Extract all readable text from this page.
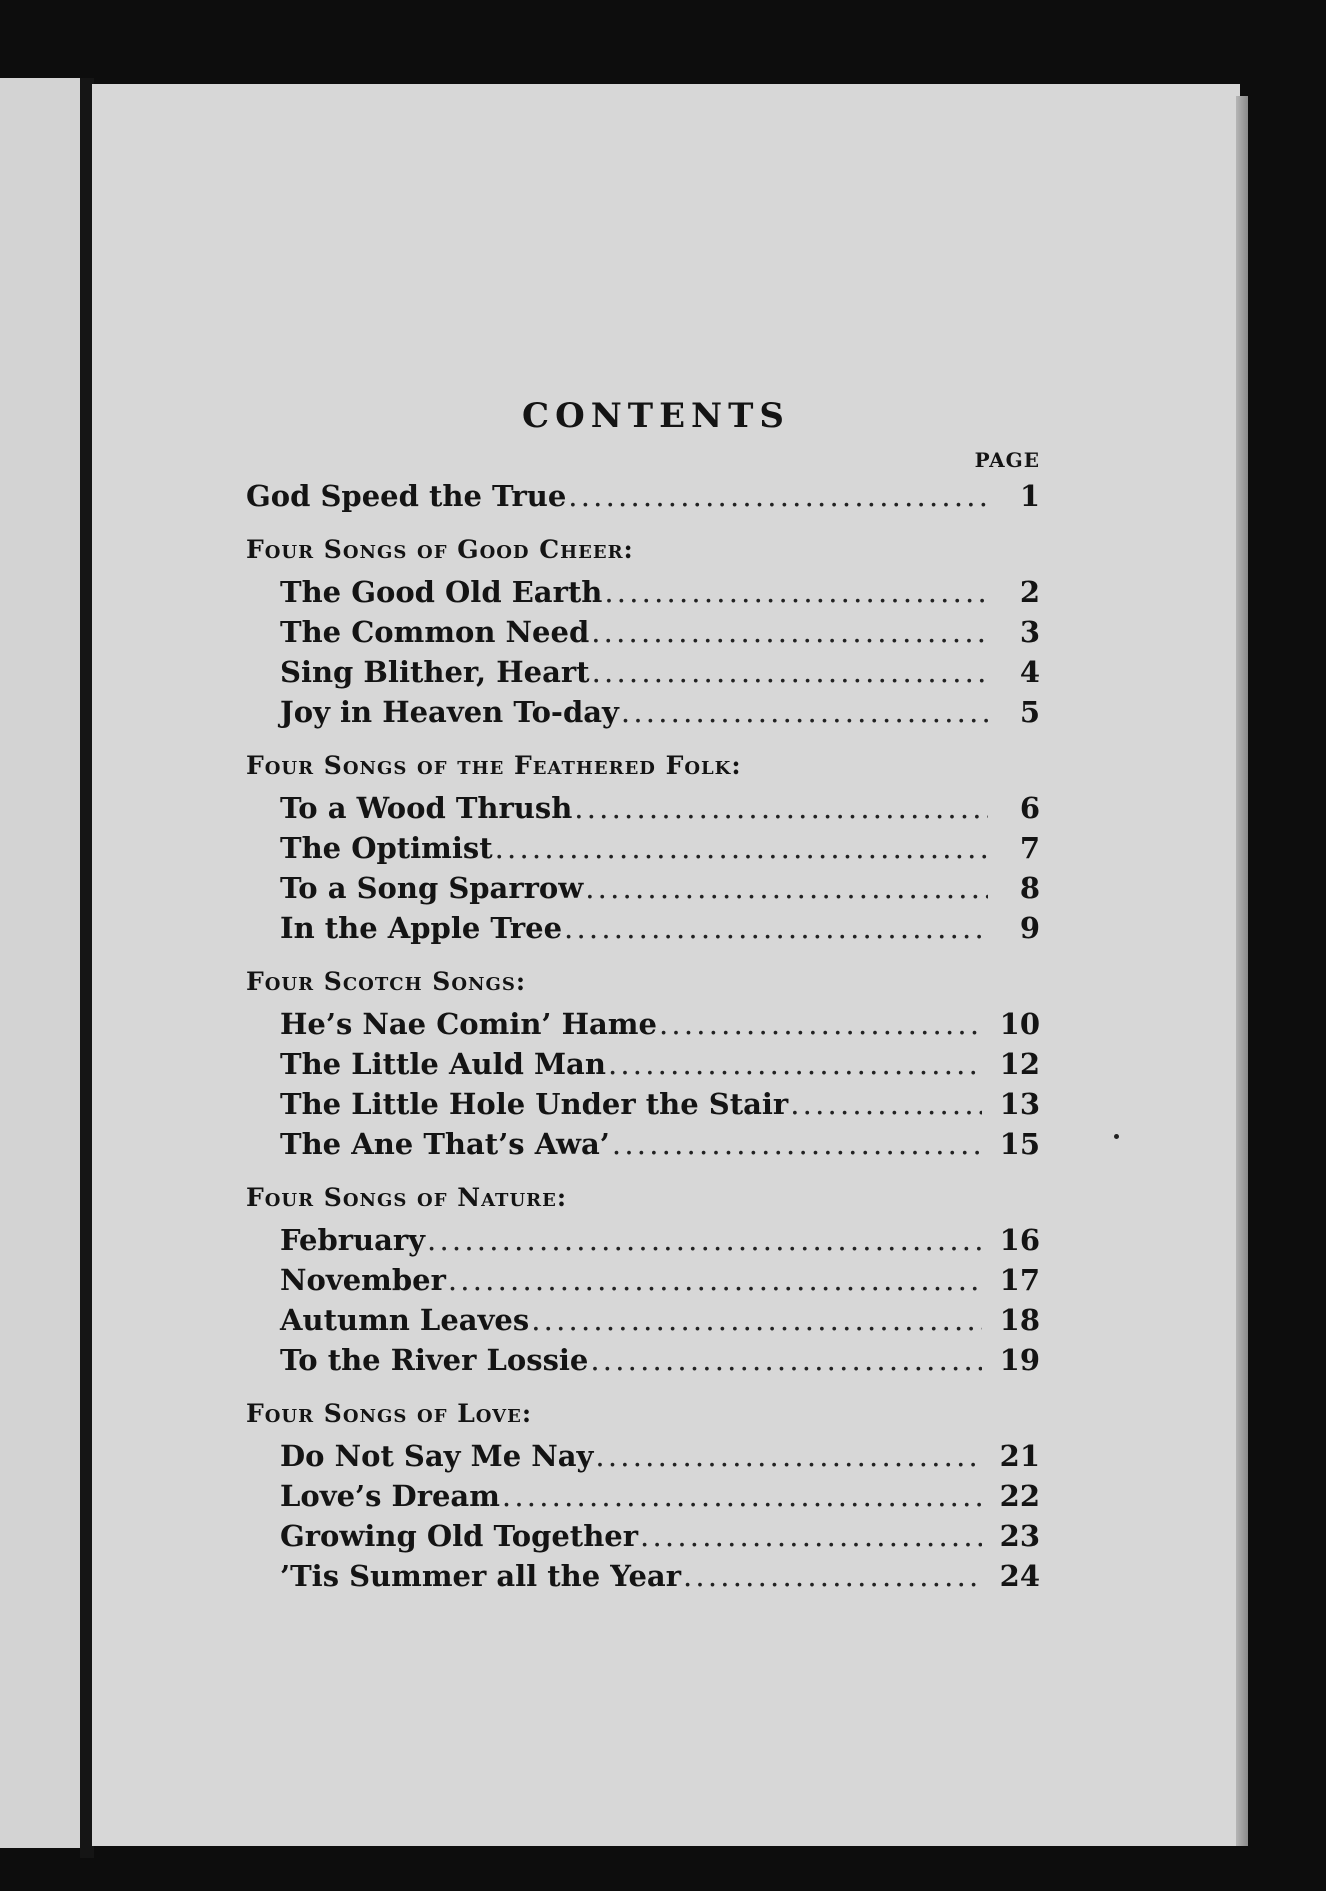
CONTENTS
PAGE
God Speed the True . . .	1
Four Songs of Good Cheer:
The Good Old Earth . . .	2
The Common Need . . .	3
Sing Blither, Heart . . .	4
Joy in Heaven To-day . . .	5
Four Songs of the Feathered Folk:
To a Wood Thrush . . .	6
The Optimist . . .	7
To a Song Sparrow . . .	8
In the Apple Tree . . .	9
Four Scotch Songs:
He’s Nae Comin’ Hame . . .	10
The Little Auld Man . . .	12
The Little Hole Under the Stair . . .	13
The Ane That’s Awa’ . . .	15
Four Songs of Nature:
February . . .	16
November . . .	17
Autumn Leaves . . .	18
To the River Lossie . . .	19
Four Songs of Love:
Do Not Say Me Nay . . .	21
Love’s Dream . . .	22
Growing Old Together . . .	23
’Tis Summer all the Year . . .	24
